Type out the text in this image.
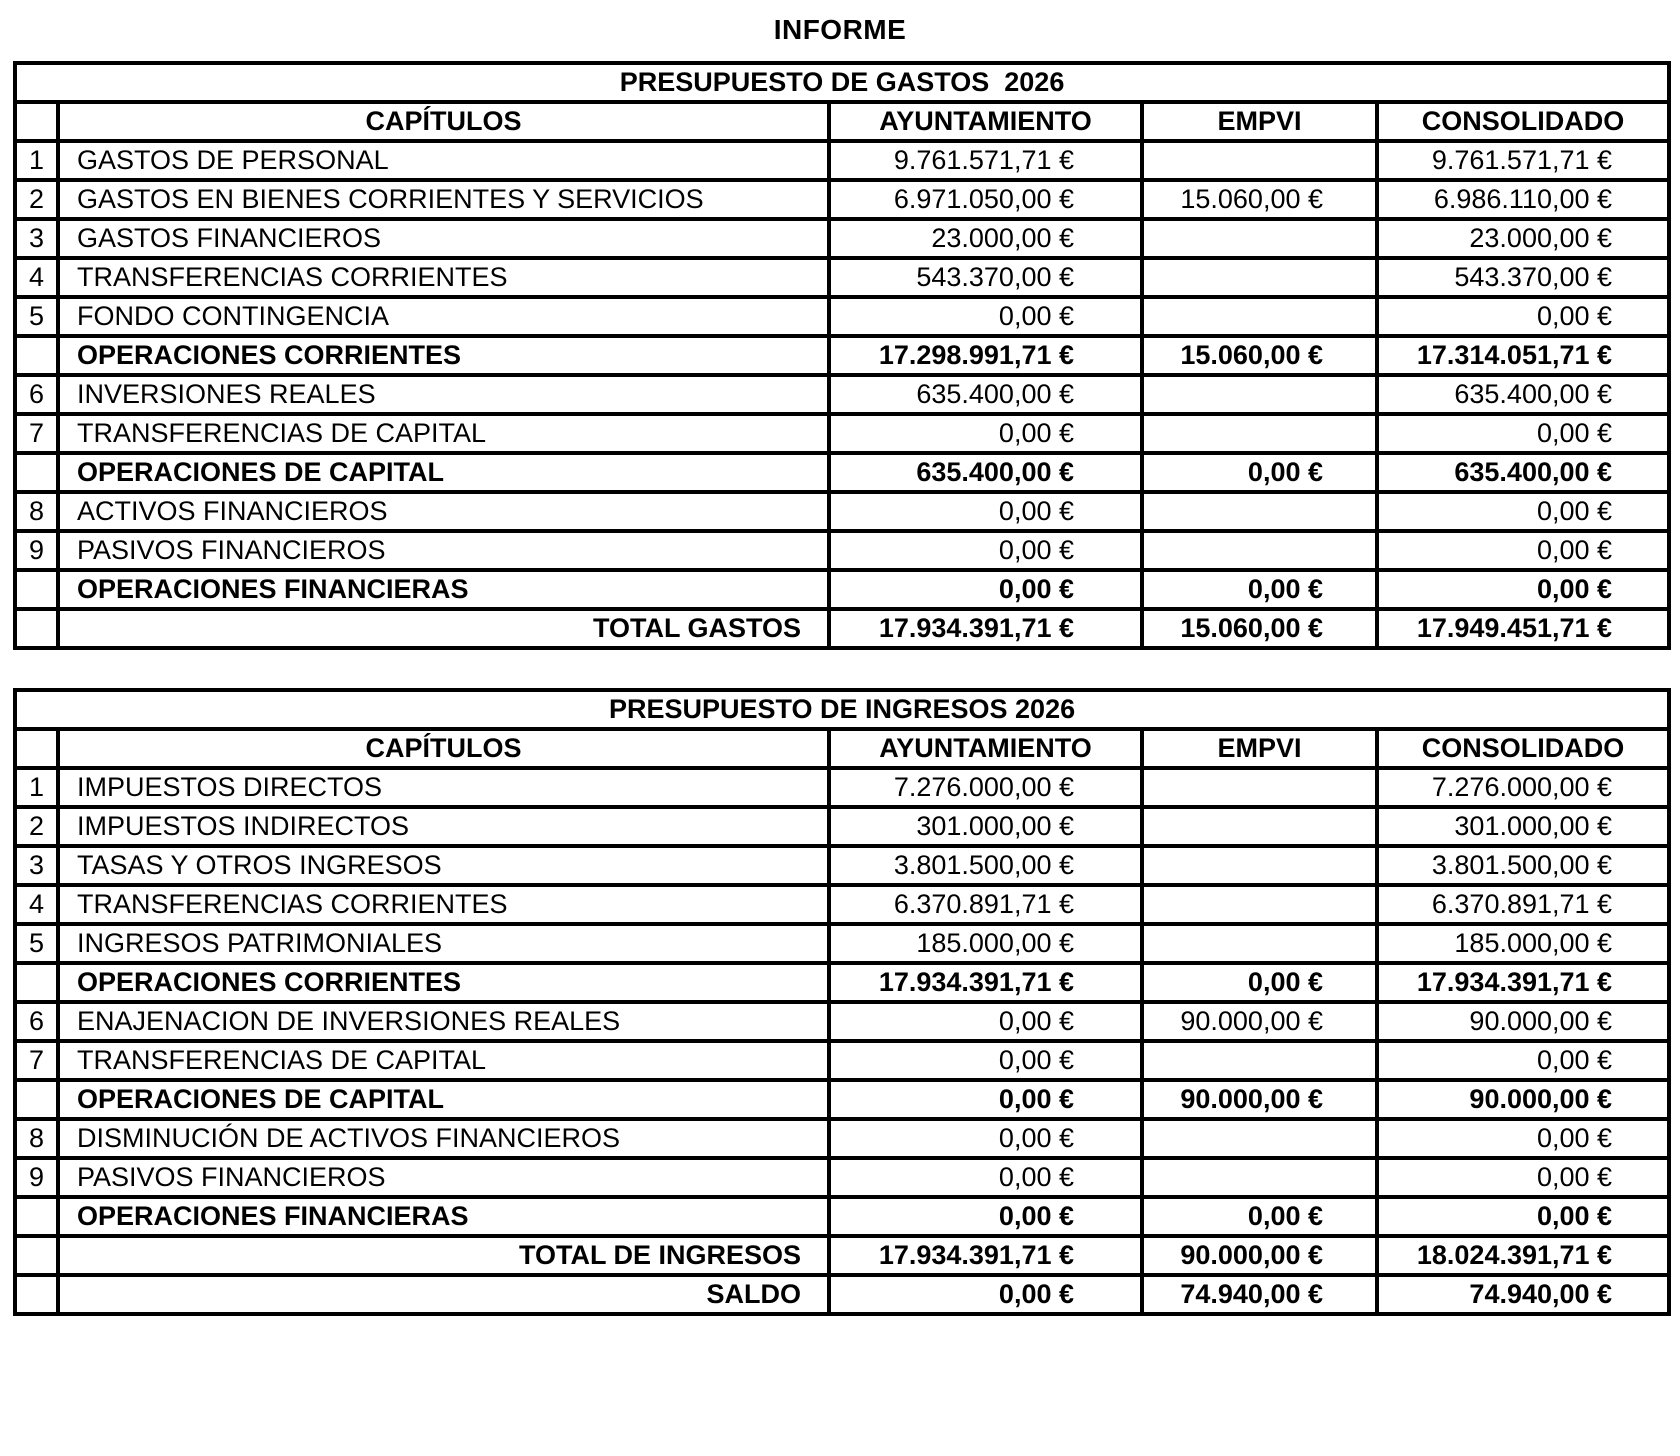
INFORME
PRESUPUESTO DE GASTOS  2026				
	CAPÍTULOS	AYUNTAMIENTO	EMPVI	CONSOLIDADO
1	GASTOS DE PERSONAL	9.761.571,71 €		9.761.571,71 €
2	GASTOS EN BIENES CORRIENTES Y SERVICIOS	6.971.050,00 €	15.060,00 €	6.986.110,00 €
3	GASTOS FINANCIEROS	23.000,00 €		23.000,00 €
4	TRANSFERENCIAS CORRIENTES	543.370,00 €		543.370,00 €
5	FONDO CONTINGENCIA	0,00 €		0,00 €
	OPERACIONES CORRIENTES	17.298.991,71 €	15.060,00 €	17.314.051,71 €
6	INVERSIONES REALES	635.400,00 €		635.400,00 €
7	TRANSFERENCIAS DE CAPITAL	0,00 €		0,00 €
	OPERACIONES DE CAPITAL	635.400,00 €	0,00 €	635.400,00 €
8	ACTIVOS FINANCIEROS	0,00 €		0,00 €
9	PASIVOS FINANCIEROS	0,00 €		0,00 €
	OPERACIONES FINANCIERAS	0,00 €	0,00 €	0,00 €
	TOTAL GASTOS	17.934.391,71 €	15.060,00 €	17.949.451,71 €
PRESUPUESTO DE INGRESOS 2026				
	CAPÍTULOS	AYUNTAMIENTO	EMPVI	CONSOLIDADO
1	IMPUESTOS DIRECTOS	7.276.000,00 €		7.276.000,00 €
2	IMPUESTOS INDIRECTOS	301.000,00 €		301.000,00 €
3	TASAS Y OTROS INGRESOS	3.801.500,00 €		3.801.500,00 €
4	TRANSFERENCIAS CORRIENTES	6.370.891,71 €		6.370.891,71 €
5	INGRESOS PATRIMONIALES	185.000,00 €		185.000,00 €
	OPERACIONES CORRIENTES	17.934.391,71 €	0,00 €	17.934.391,71 €
6	ENAJENACION DE INVERSIONES REALES	0,00 €	90.000,00 €	90.000,00 €
7	TRANSFERENCIAS DE CAPITAL	0,00 €		0,00 €
	OPERACIONES DE CAPITAL	0,00 €	90.000,00 €	90.000,00 €
8	DISMINUCIÓN DE ACTIVOS FINANCIEROS	0,00 €		0,00 €
9	PASIVOS FINANCIEROS	0,00 €		0,00 €
	OPERACIONES FINANCIERAS	0,00 €	0,00 €	0,00 €
	TOTAL DE INGRESOS	17.934.391,71 €	90.000,00 €	18.024.391,71 €
	SALDO	0,00 €	74.940,00 €	74.940,00 €
